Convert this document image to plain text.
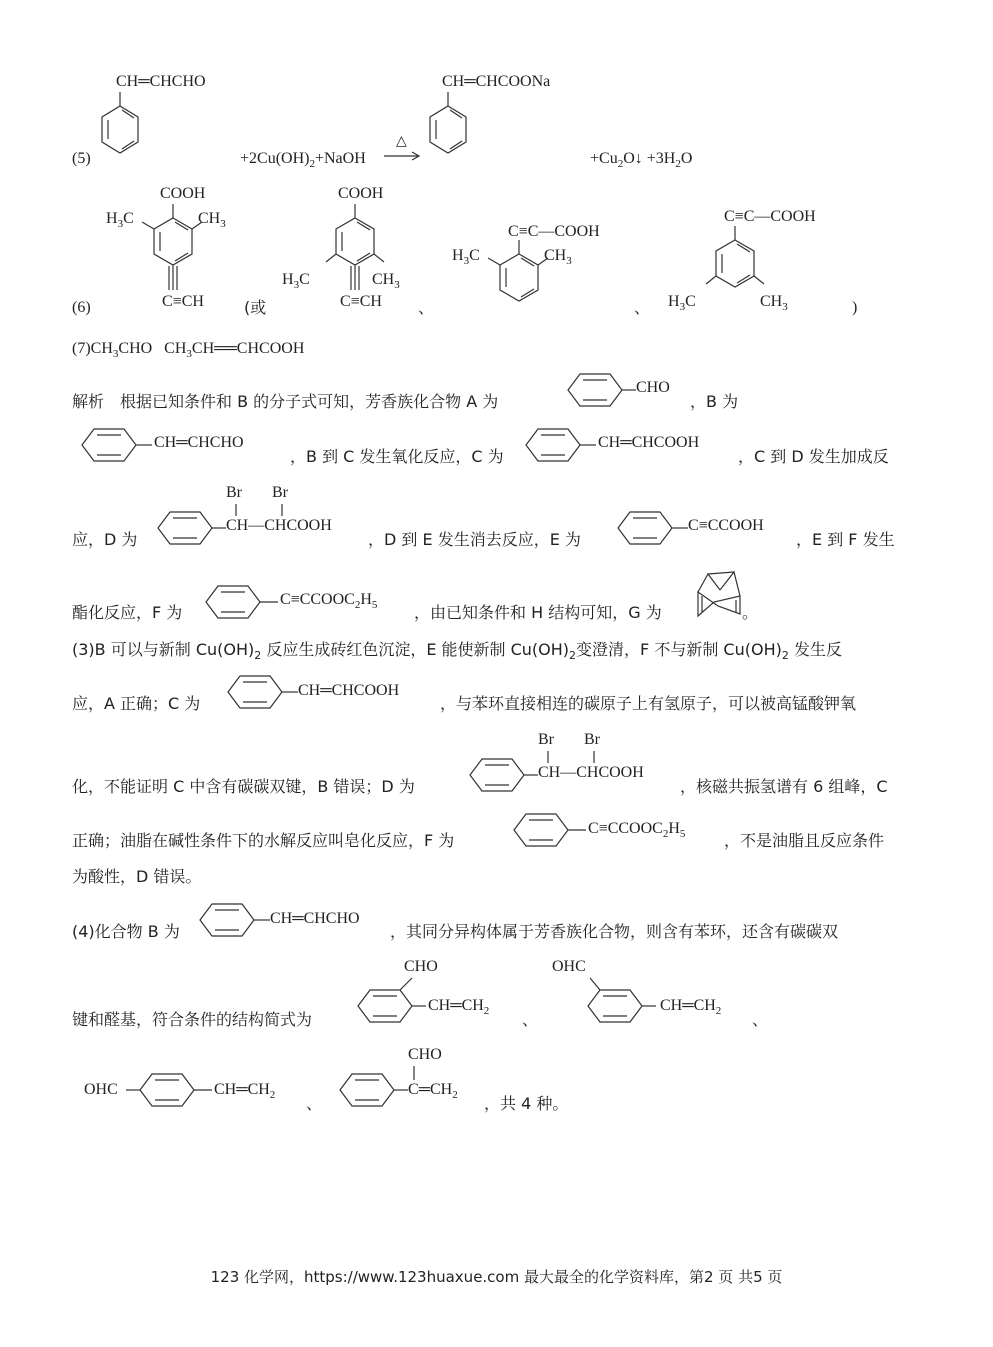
CH═CHCHO
(5)	$+2Cu(OH)_2+NaOH$
△
CH═CHCOONa
$+Cu_2O↓ +3H_2O$
(6)
COOH
$H_3C$	$CH_3$
C≡CH	(或
COOH
$H_3C$	$CH_3$
C≡CH 、
C≡C—COOH
$H_3C$	$CH_3$
、
C≡C—COOH
$H_3C$	$CH_3$	)
$(7)CH_3CHO$ $CH_3CH══CHCOOH$
解析　根据已知条件和 B 的分子式可知，芳香族化合物 A 为
CHO
，B 为
CH═CHCHO
，B 到 C 发生氧化反应，C 为
CH═CHCOOH
，C 到 D 发生加成反
应，D 为
Br Br
CH—CHCOOH
，D 到 E 发生消去反应，E 为
C≡CCOOH
，E 到 F 发生
酯化反应，F 为
$C\equiv CCOOC_2H_5$ ，由已知条件和 H 结构可知，G 为	。
(3)B 可以与新制 $Cu(OH)_2$ 反应生成砖红色沉淀，E 能使新制 $Cu(OH)_2$变澄清，F 不与新制 $Cu(OH)_2$ 发生反
应，A 正确；C 为
CH═CHCOOH
，与苯环直接相连的碳原子上有氢原子，可以被高锰酸钾氧
化，不能证明 C 中含有碳碳双键，B 错误；D 为
Br Br
CH—CHCOOH
，核磁共振氢谱有 6 组峰，C
正确；油脂在碱性条件下的水解反应叫皂化反应，F 为
$C\equiv CCOOC_2H_5$ ，不是油脂且反应条件
为酸性，D 错误。
(4)化合物 B 为
CH═CHCHO
，其同分异构体属于芳香族化合物，则含有苯环，还含有碳碳双
键和醛基，符合条件的结构简式为
CHO
$CH═CH_2$ 、
OHC
$CH═CH_2$ 、
OHC	$CH═CH_2$ 、
CHO
$C═CH_2$ ，共 4 种。
123 化学网，https://www.123huaxue.com 最大最全的化学资料库，第2 页 共5 页
